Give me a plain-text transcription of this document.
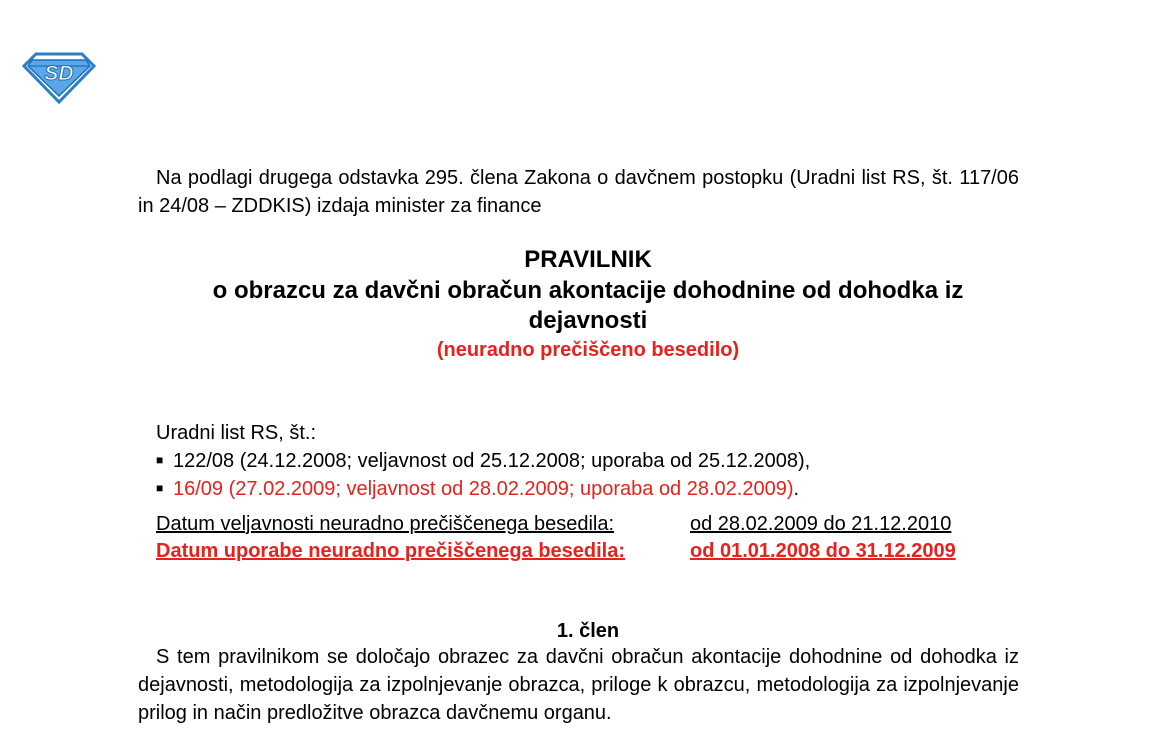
SD

Na podlagi drugega odstavka 295. člena Zakona o davčnem postopku (Uradni list RS, št. 117/06 in 24/08 – ZDDKIS) izdaja minister za finance

PRAVILNIK

o obrazcu za davčni obračun akontacije dohodnine od dohodka iz dejavnosti

(neuradno prečiščeno besedilo)

Uradni list RS, št.:
■ 122/08 (24.12.2008; veljavnost od 25.12.2008; uporaba od 25.12.2008),
■ 16/09 (27.02.2009; veljavnost od 28.02.2009; uporaba od 28.02.2009).
Datum veljavnosti neuradno prečiščenega besedila:	od 28.02.2009 do 21.12.2010
Datum uporabe neuradno prečiščenega besedila:	od 01.01.2008 do 31.12.2009

1. člen

S tem pravilnikom se določajo obrazec za davčni obračun akontacije dohodnine od dohodka iz dejavnosti, metodologija za izpolnjevanje obrazca, priloge k obrazcu, metodologija za izpolnjevanje prilog in način predložitve obrazca davčnemu organu.
